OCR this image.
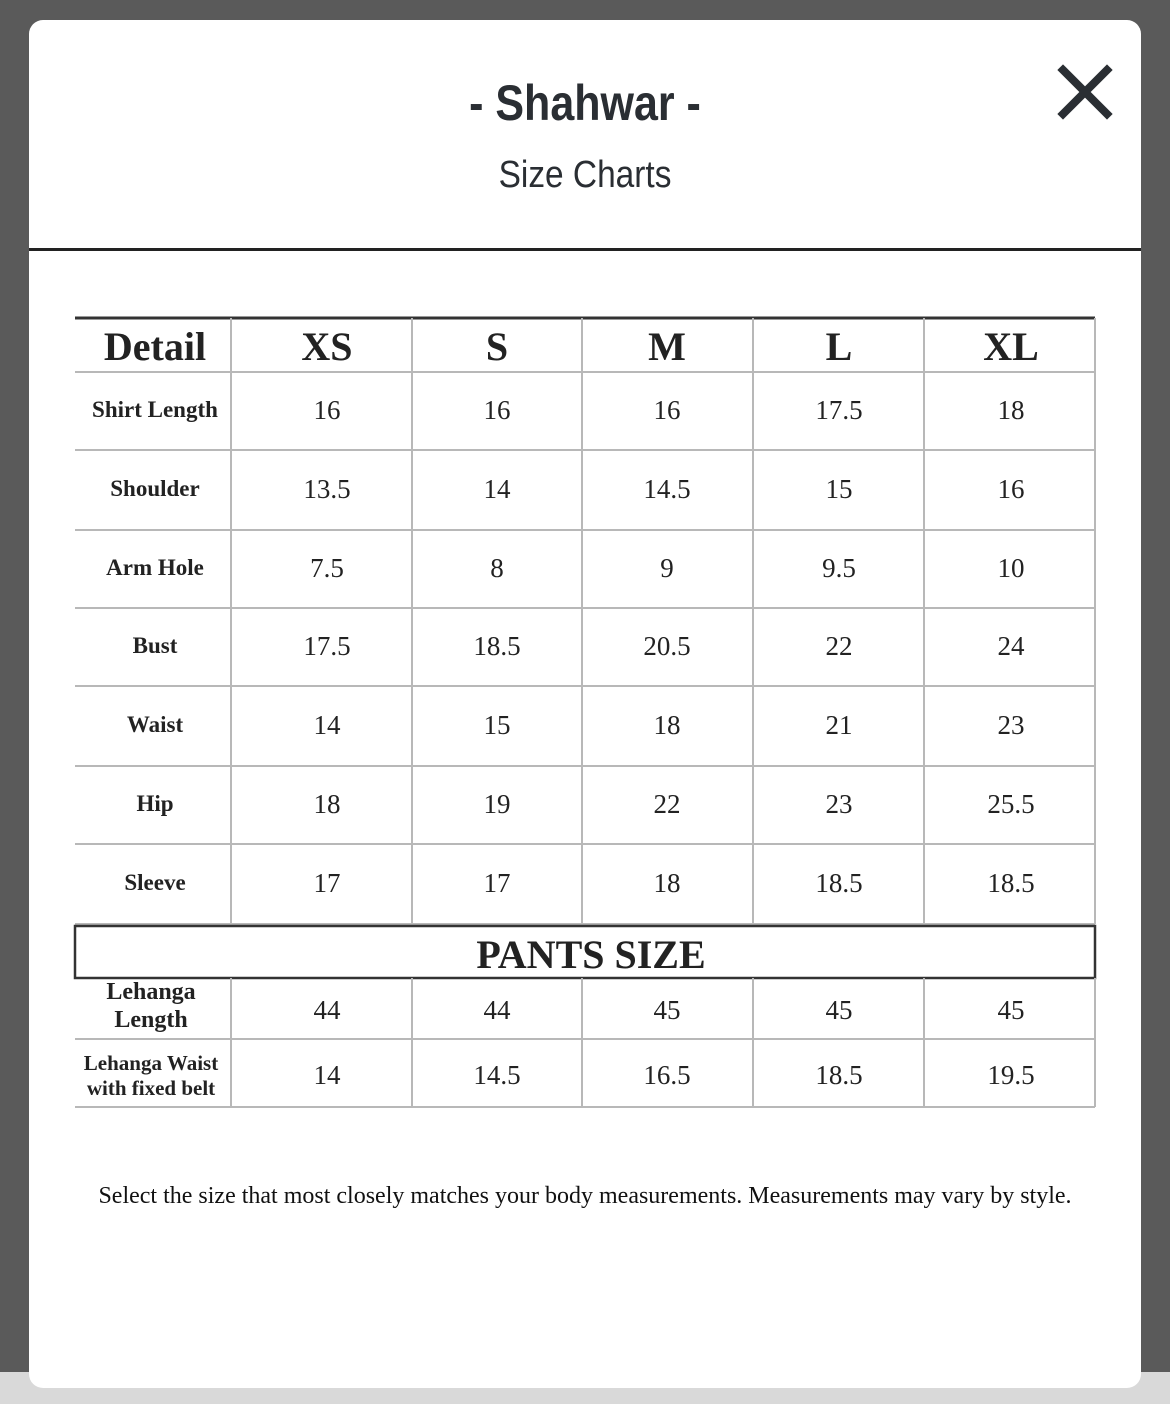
- Shahwar -
Size Charts
Detail XS	S	M	L	XL
Shirt Length	16	16	16	17.5	18
Shoulder	13.5	14	14.5	15	16
Arm Hole	7.5	8	9	9.5	10
Bust	17.5	18.5	20.5	22	24
Waist	14	15	18	21	23
Hip	18	19	22	23	25.5
Sleeve	17	17	18	18.5	18.5
PANTS SIZE
Lehanga
Length	44	44	45	45	45
Lehanga Waist
with fixed belt	14	14.5	16.5	18.5	19.5
Select the size that most closely matches your body measurements. Measurements may vary by style.
